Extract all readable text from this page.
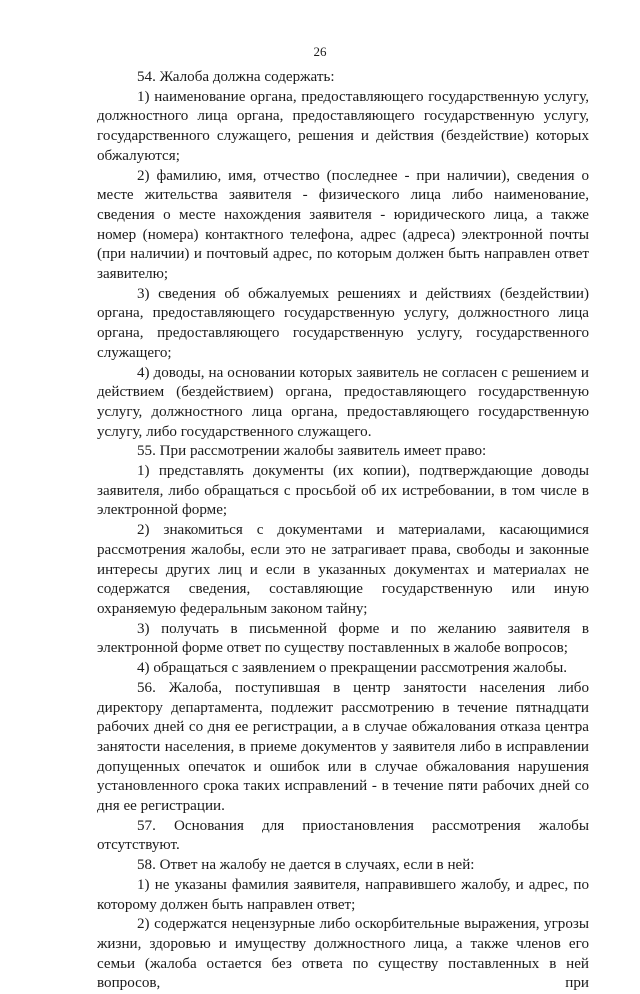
26

54. Жалоба должна содержать:

1) наименование органа, предоставляющего государственную услугу, должностного лица органа, предоставляющего государственную услугу, государственного служащего, решения и действия (бездействие) которых обжалуются;

2) фамилию, имя, отчество (последнее - при наличии), сведения о месте жительства заявителя - физического лица либо наименование, сведения о месте нахождения заявителя - юридического лица, а также номер (номера) контактного телефона, адрес (адреса) электронной почты (при наличии) и почтовый адрес, по которым должен быть направлен ответ заявителю;

3) сведения об обжалуемых решениях и действиях (бездействии) органа, предоставляющего государственную услугу, должностного лица органа, предоставляющего государственную услугу, государственного служащего;

4) доводы, на основании которых заявитель не согласен с решением и действием (бездействием) органа, предоставляющего государственную услугу, должностного лица органа, предоставляющего государственную услугу, либо государственного служащего.

55. При рассмотрении жалобы заявитель имеет право:

1) представлять документы (их копии), подтверждающие доводы заявителя, либо обращаться с просьбой об их истребовании, в том числе в электронной форме;

2) знакомиться с документами и материалами, касающимися рассмотрения жалобы, если это не затрагивает права, свободы и законные интересы других лиц и если в указанных документах и материалах не содержатся сведения, составляющие государственную или иную охраняемую федеральным законом тайну;

3) получать в письменной форме и по желанию заявителя в электронной форме ответ по существу поставленных в жалобе вопросов;

4) обращаться с заявлением о прекращении рассмотрения жалобы.

56. Жалоба, поступившая в центр занятости населения либо директору департамента, подлежит рассмотрению в течение пятнадцати рабочих дней со дня ее регистрации, а в случае обжалования отказа центра занятости населения, в приеме документов у заявителя либо в исправлении допущенных опечаток и ошибок или в случае обжалования нарушения установленного срока таких исправлений - в течение пяти рабочих дней со дня ее регистрации.

57. Основания для приостановления рассмотрения жалобы отсутствуют.

58. Ответ на жалобу не дается в случаях, если в ней:

1) не указаны фамилия заявителя, направившего жалобу, и адрес, по которому должен быть направлен ответ;

2) содержатся нецензурные либо оскорбительные выражения, угрозы жизни, здоровью и имуществу должностного лица, а также членов его семьи (жалоба остается без ответа по существу поставленных в ней вопросов, при
